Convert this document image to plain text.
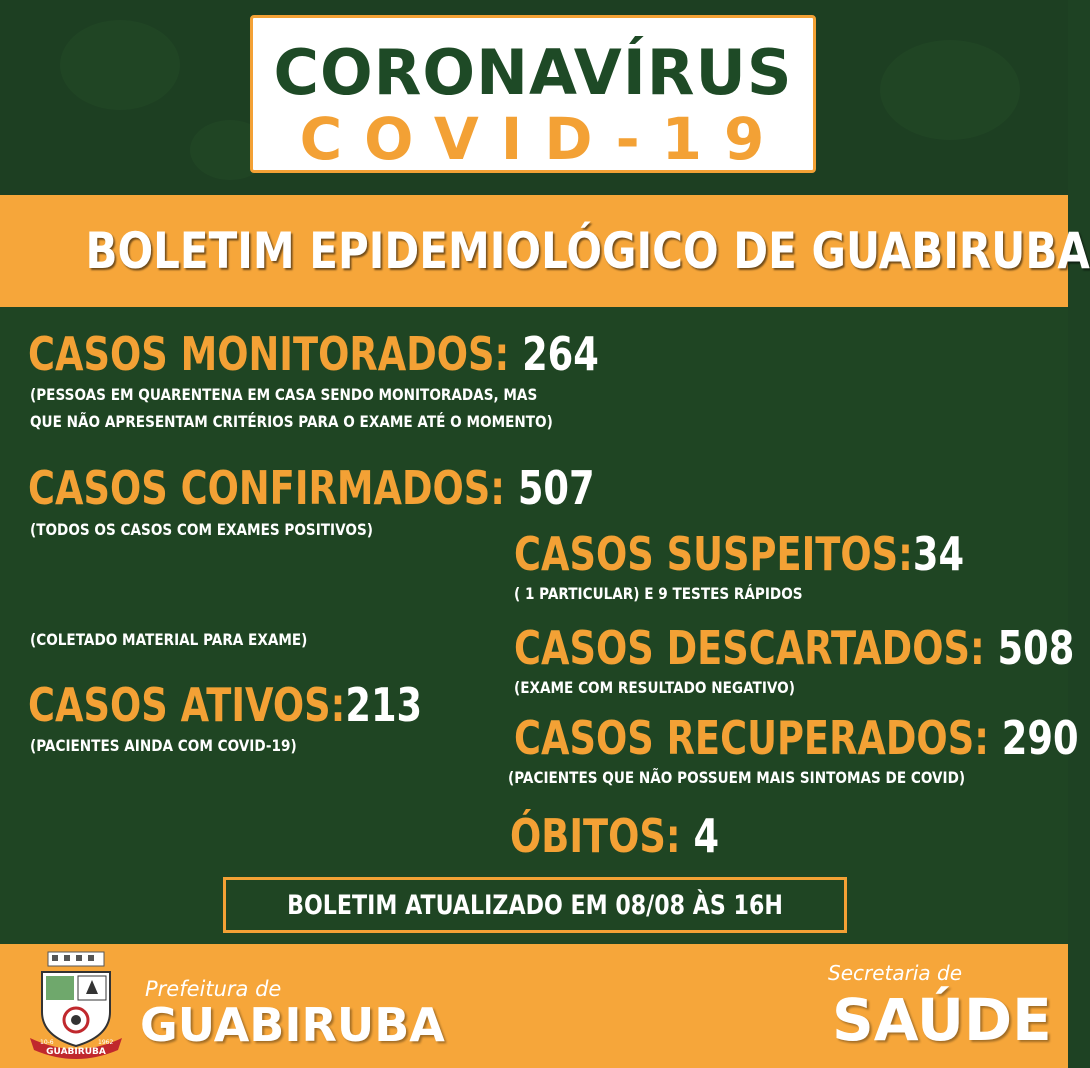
CORONAVÍRUS
COVID-19
BOLETIM EPIDEMIOLÓGICO DE GUABIRUBA
CASOS MONITORADOS: 264
(PESSOAS EM QUARENTENA EM CASA SENDO MONITORADAS, MAS
QUE NÃO APRESENTAM CRITÉRIOS PARA O EXAME ATÉ O MOMENTO)
CASOS CONFIRMADOS: 507
(TODOS OS CASOS COM EXAMES POSITIVOS)	CASOS SUSPEITOS:34
( 1 PARTICULAR) E 9 TESTES RÁPIDOS
(COLETADO MATERIAL PARA EXAME)	CASOS DESCARTADOS: 508
(EXAME COM RESULTADO NEGATIVO)
CASOS ATIVOS:213
(PACIENTES AINDA COM COVID-19)	CASOS RECUPERADOS: 290
(PACIENTES QUE NÃO POSSUEM MAIS SINTOMAS DE COVID)
ÓBITOS: 4
BOLETIM ATUALIZADO EM 08/08 ÀS 16H
GUABIRUBA
10-6	1962
Prefeitura de
GUABIRUBA
Secretaria de
SAÚDE
